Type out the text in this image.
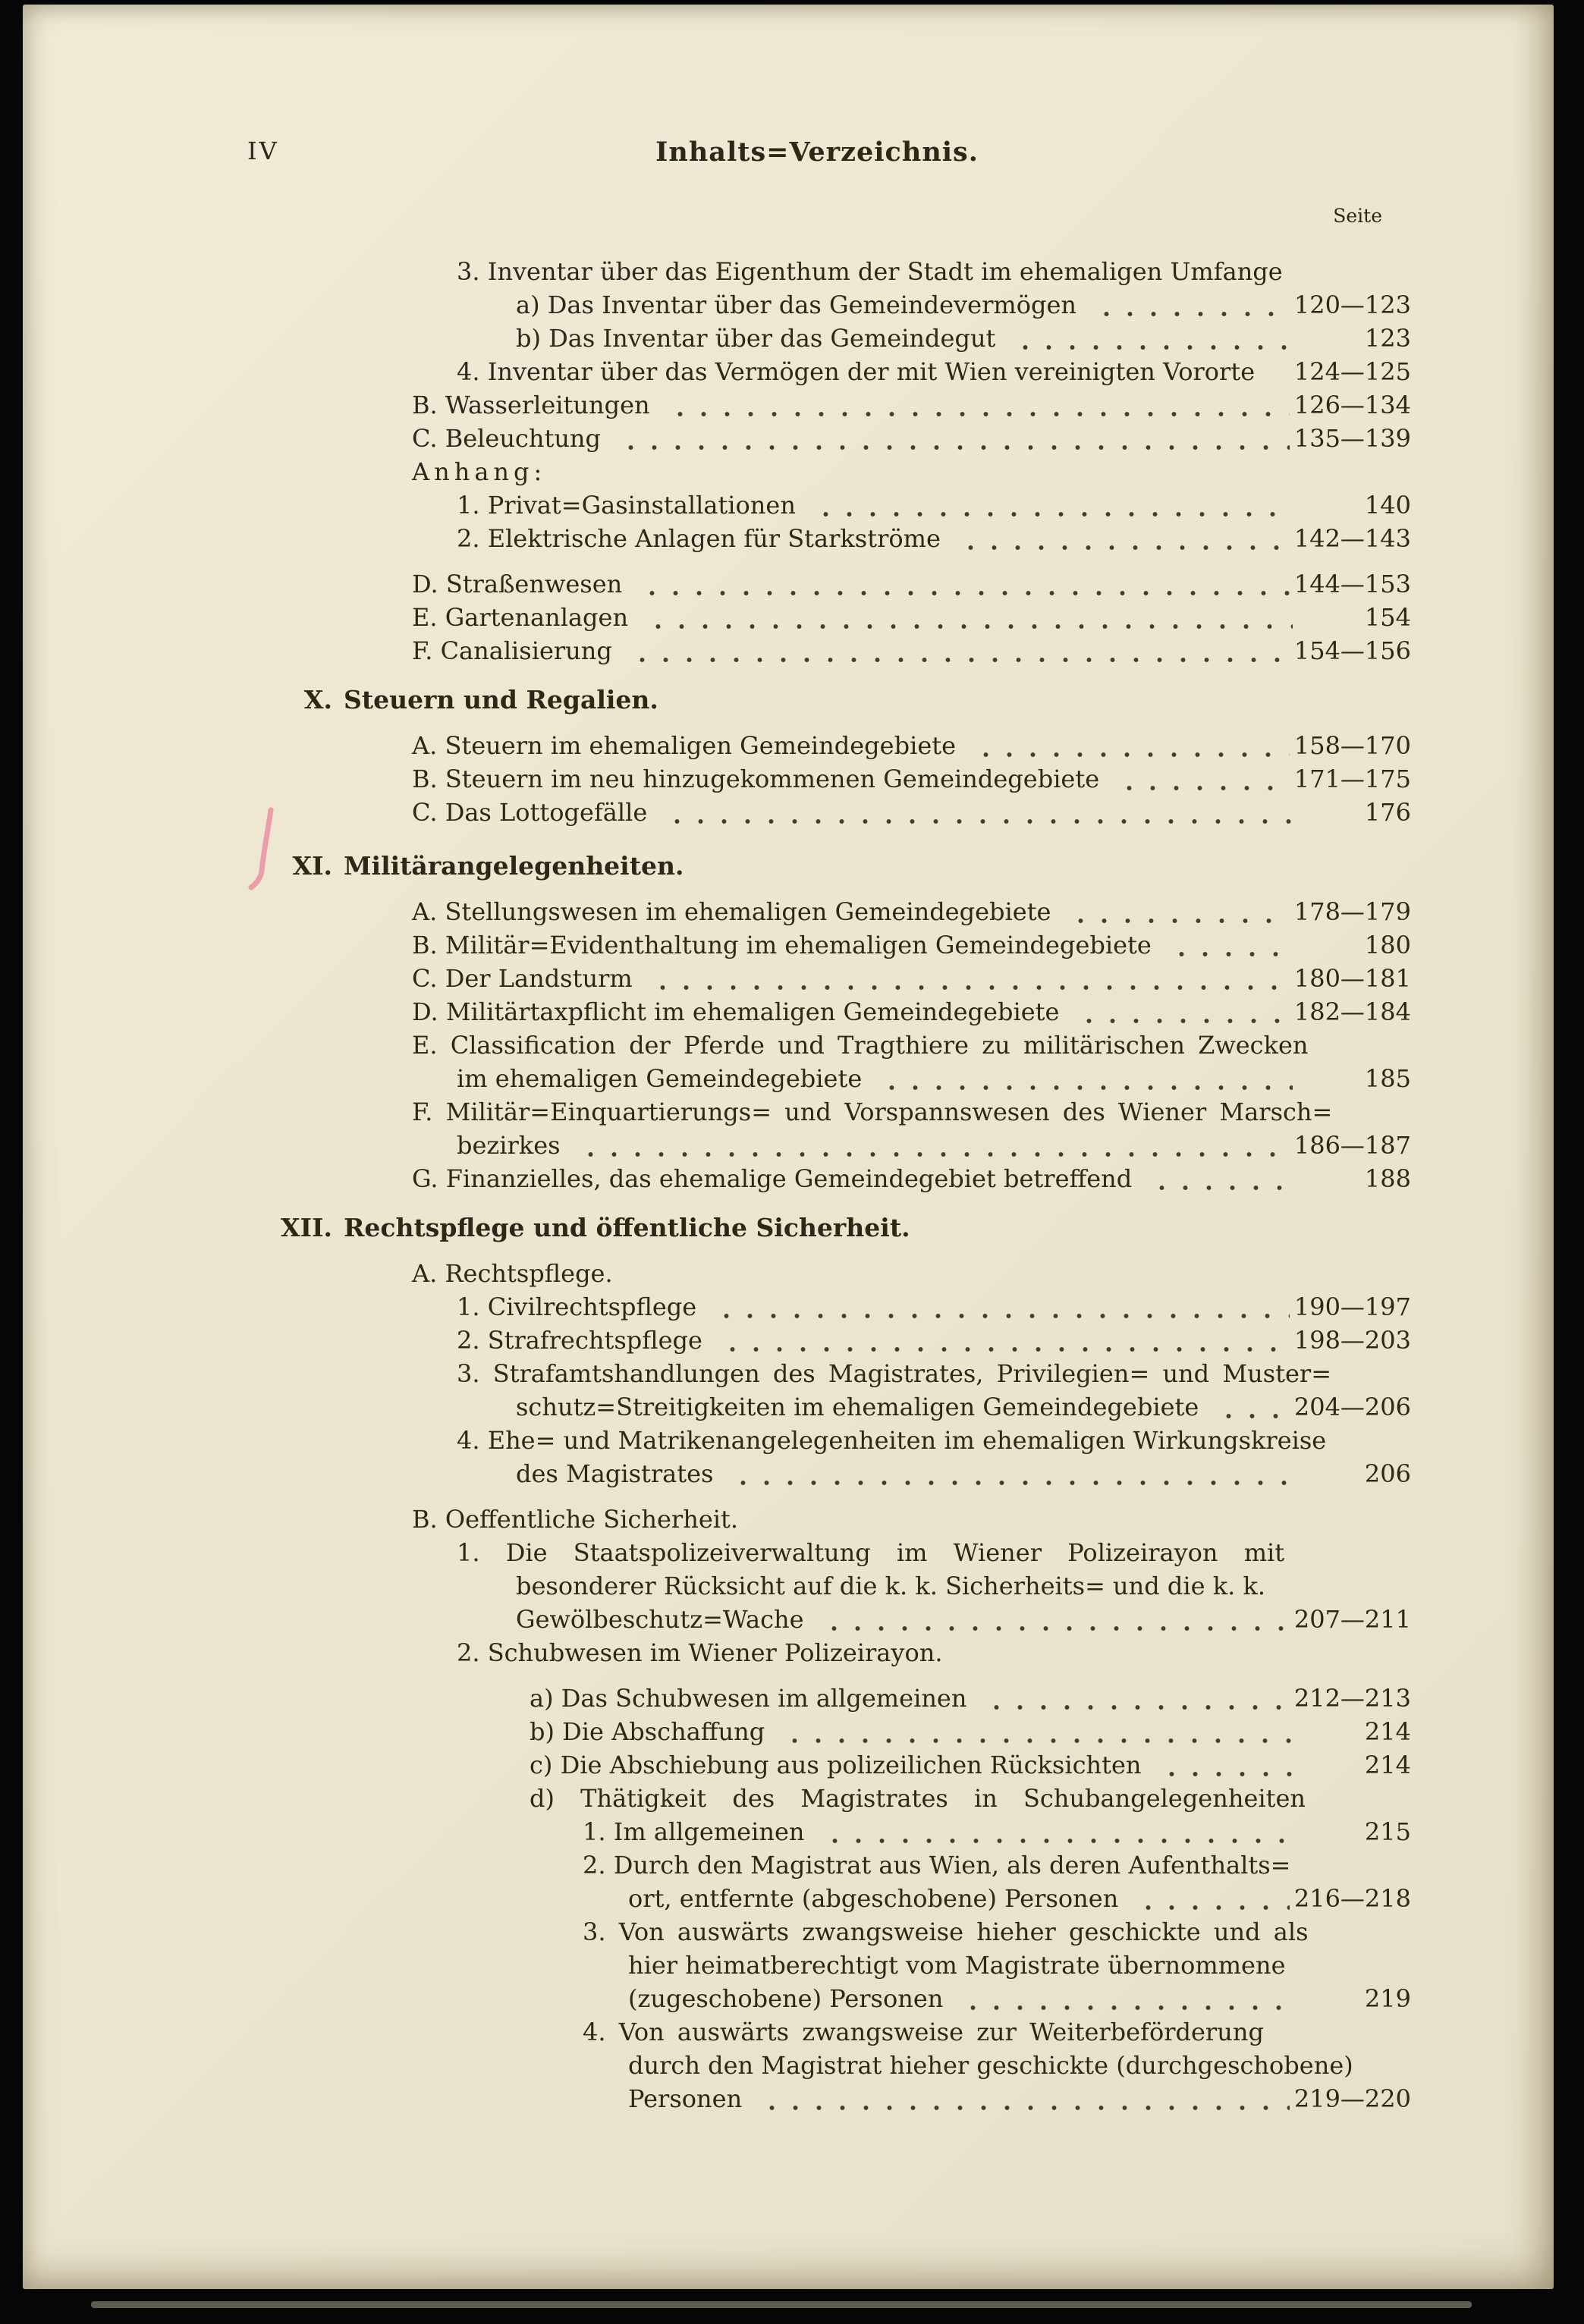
IV	Inhalts=Verzeichnis.
Seite
3. Inventar über das Eigenthum der Stadt im ehemaligen Umfange
a) Das Inventar über das Gemeindevermögen	120—123
b) Das Inventar über das Gemeindegut	123
4. Inventar über das Vermögen der mit Wien vereinigten Vororte 124—125
B. Wasserleitungen	126—134
C. Beleuchtung	135—139
Anhang:
1. Privat=Gasinstallationen	140
2. Elektrische Anlagen für Starkströme	142—143
D. Straßenwesen	144—153
E. Gartenanlagen	154
F. Canalisierung	154—156
X. Steuern und Regalien.
A. Steuern im ehemaligen Gemeindegebiete	158—170
B. Steuern im neu hinzugekommenen Gemeindegebiete	171—175
C. Das Lottogefälle	176
XI. Militärangelegenheiten.
A. Stellungswesen im ehemaligen Gemeindegebiete	178—179
B. Militär=Evidenthaltung im ehemaligen Gemeindegebiete	180
C. Der Landsturm	180—181
D. Militärtaxpflicht im ehemaligen Gemeindegebiete	182—184
E. Classification der Pferde und Tragthiere zu militärischen Zwecken
im ehemaligen Gemeindegebiete	185
F. Militär=Einquartierungs= und Vorspannswesen des Wiener Marsch=
bezirkes	186—187
G. Finanzielles, das ehemalige Gemeindegebiet betreffend	188
XII. Rechtspflege und öffentliche Sicherheit.
A. Rechtspflege.
1. Civilrechtspflege	190—197
2. Strafrechtspflege	198—203
3. Strafamtshandlungen des Magistrates, Privilegien= und Muster=
schutz=Streitigkeiten im ehemaligen Gemeindegebiete	204—206
4. Ehe= und Matrikenangelegenheiten im ehemaligen Wirkungskreise
des Magistrates	206
B. Oeffentliche Sicherheit.
1. Die Staatspolizeiverwaltung im Wiener Polizeirayon mit
besonderer Rücksicht auf die k. k. Sicherheits= und die k. k.
Gewölbeschutz=Wache	207—211
2. Schubwesen im Wiener Polizeirayon.
a) Das Schubwesen im allgemeinen	212—213
b) Die Abschaffung	214
c) Die Abschiebung aus polizeilichen Rücksichten	214
d) Thätigkeit des Magistrates in Schubangelegenheiten
1. Im allgemeinen	215
2. Durch den Magistrat aus Wien, als deren Aufenthalts=
ort, entfernte (abgeschobene) Personen	216—218
3. Von auswärts zwangsweise hieher geschickte und als
hier heimatberechtigt vom Magistrate übernommene
(zugeschobene) Personen	219
4. Von auswärts zwangsweise zur Weiterbeförderung
durch den Magistrat hieher geschickte (durchgeschobene)
Personen	219—220
